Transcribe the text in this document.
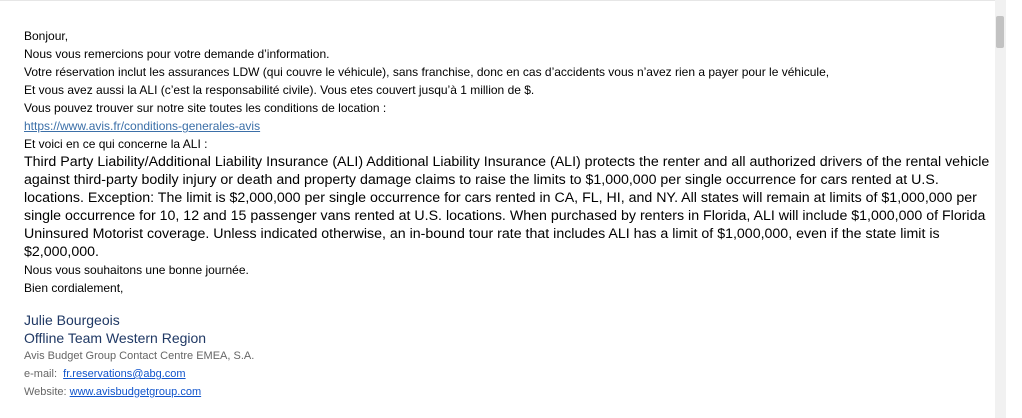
Bonjour,

Nous vous remercions pour votre demande d’information.

Votre réservation inclut les assurances LDW (qui couvre le véhicule), sans franchise, donc en cas d’accidents vous n’avez rien a payer pour le véhicule,

Et vous avez aussi la ALI (c’est la responsabilité civile). Vous etes couvert jusqu’à 1 million de $.

Vous pouvez trouver sur notre site toutes les conditions de location :

https://www.avis.fr/conditions-generales-avis

Et voici en ce qui concerne la ALI :

Third Party Liability/Additional Liability Insurance (ALI) Additional Liability Insurance (ALI) protects the renter and all authorized drivers of the rental vehicle against third-party bodily injury or death and property damage claims to raise the limits to $1,000,000 per single occurrence for cars rented at U.S. locations. Exception: The limit is $2,000,000 per single occurrence for cars rented in CA, FL, HI, and NY. All states will remain at limits of $1,000,000 per single occurrence for 10, 12 and 15 passenger vans rented at U.S. locations. When purchased by renters in Florida, ALI will include $1,000,000 of Florida Uninsured Motorist coverage. Unless indicated otherwise, an in-bound tour rate that includes ALI has a limit of $1,000,000, even if the state limit is $2,000,000.

Nous vous souhaitons une bonne journée.

Bien cordialement,

Julie Bourgeois

Offline Team Western Region

Avis Budget Group Contact Centre EMEA, S.A.

e-mail: fr.reservations@abg.com

Website: www.avisbudgetgroup.com
